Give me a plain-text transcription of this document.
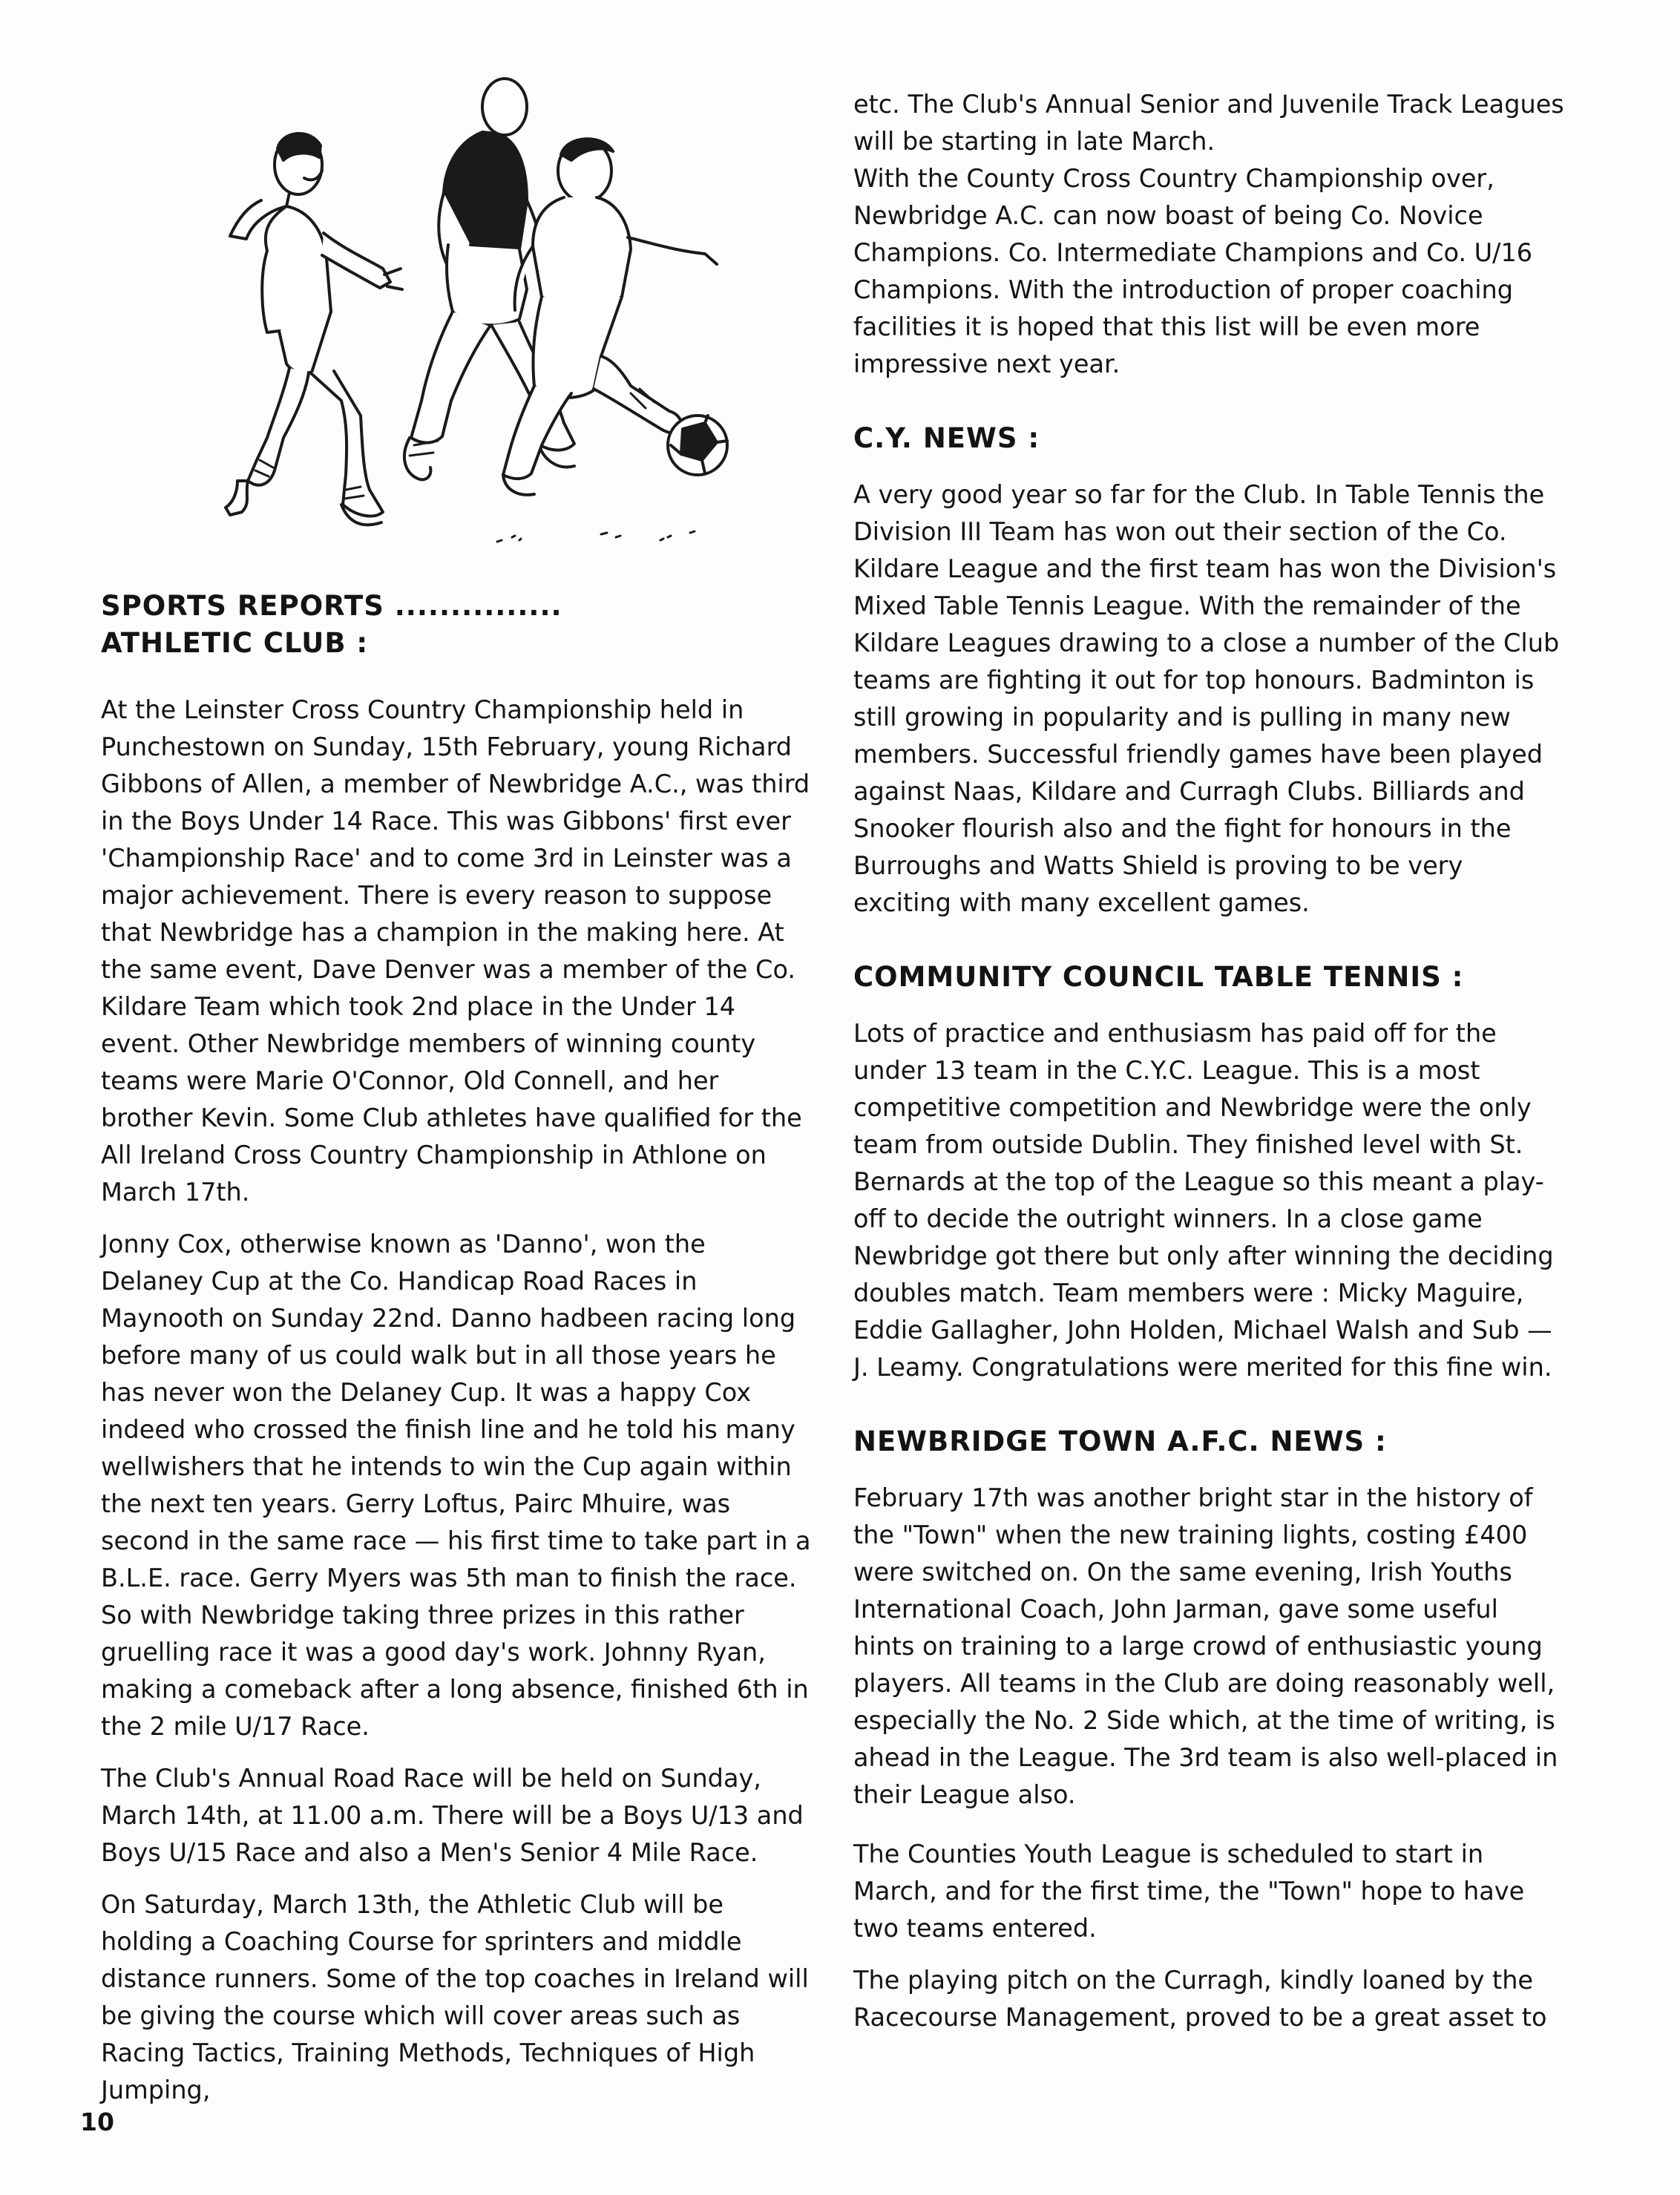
SPORTS REPORTS ...............
ATHLETIC CLUB :

At the Leinster Cross Country Championship held in Punchestown on Sunday, 15th February, young Richard Gibbons of Allen, a member of Newbridge A.C., was third in the Boys Under 14 Race. This was Gibbons' first ever 'Championship Race' and to come 3rd in Leinster was a major achievement. There is every reason to suppose that Newbridge has a champion in the making here. At the same event, Dave Denver was a member of the Co. Kildare Team which took 2nd place in the Under 14 event. Other Newbridge members of winning county teams were Marie O'Connor, Old Connell, and her brother Kevin. Some Club athletes have qualified for the All Ireland Cross Country Championship in Athlone on March 17th.

Jonny Cox, otherwise known as 'Danno', won the Delaney Cup at the Co. Handicap Road Races in Maynooth on Sunday 22nd. Danno hadbeen racing long before many of us could walk but in all those years he has never won the Delaney Cup. It was a happy Cox indeed who crossed the finish line and he told his many wellwishers that he intends to win the Cup again within the next ten years. Gerry Loftus, Pairc Mhuire, was second in the same race — his first time to take part in a B.L.E. race. Gerry Myers was 5th man to finish the race. So with Newbridge taking three prizes in this rather gruelling race it was a good day's work. Johnny Ryan, making a comeback after a long absence, finished 6th in the 2 mile U/17 Race.

The Club's Annual Road Race will be held on Sunday, March 14th, at 11.00 a.m. There will be a Boys U/13 and Boys U/15 Race and also a Men's Senior 4 Mile Race.

On Saturday, March 13th, the Athletic Club will be holding a Coaching Course for sprinters and middle distance runners. Some of the top coaches in Ireland will be giving the course which will cover areas such as Racing Tactics, Training Methods, Techniques of High Jumping,

etc. The Club's Annual Senior and Juvenile Track Leagues will be starting in late March.

With the County Cross Country Championship over, Newbridge A.C. can now boast of being Co. Novice Champions. Co. Intermediate Champions and Co. U/16 Champions. With the introduction of proper coaching facilities it is hoped that this list will be even more impressive next year.

C.Y. NEWS :

A very good year so far for the Club. In Table Tennis the Division III Team has won out their section of the Co. Kildare League and the first team has won the Division's Mixed Table Tennis League. With the remainder of the Kildare Leagues drawing to a close a number of the Club teams are fighting it out for top honours. Badminton is still growing in popularity and is pulling in many new members. Successful friendly games have been played against Naas, Kildare and Curragh Clubs. Billiards and Snooker flourish also and the fight for honours in the Burroughs and Watts Shield is proving to be very exciting with many excellent games.

COMMUNITY COUNCIL TABLE TENNIS :

Lots of practice and enthusiasm has paid off for the under 13 team in the C.Y.C. League. This is a most competitive competition and Newbridge were the only team from outside Dublin. They finished level with St. Bernards at the top of the League so this meant a play-off to decide the outright winners. In a close game Newbridge got there but only after winning the deciding doubles match. Team members were : Micky Maguire, Eddie Gallagher, John Holden, Michael Walsh and Sub — J. Leamy. Congratulations were merited for this fine win.

NEWBRIDGE TOWN A.F.C. NEWS :

February 17th was another bright star in the history of the "Town" when the new training lights, costing £400 were switched on. On the same evening, Irish Youths International Coach, John Jarman, gave some useful hints on training to a large crowd of enthusiastic young players. All teams in the Club are doing reasonably well, especially the No. 2 Side which, at the time of writing, is ahead in the League. The 3rd team is also well-placed in their League also.

The Counties Youth League is scheduled to start in March, and for the first time, the "Town" hope to have two teams entered.

The playing pitch on the Curragh, kindly loaned by the Racecourse Management, proved to be a great asset to

10
